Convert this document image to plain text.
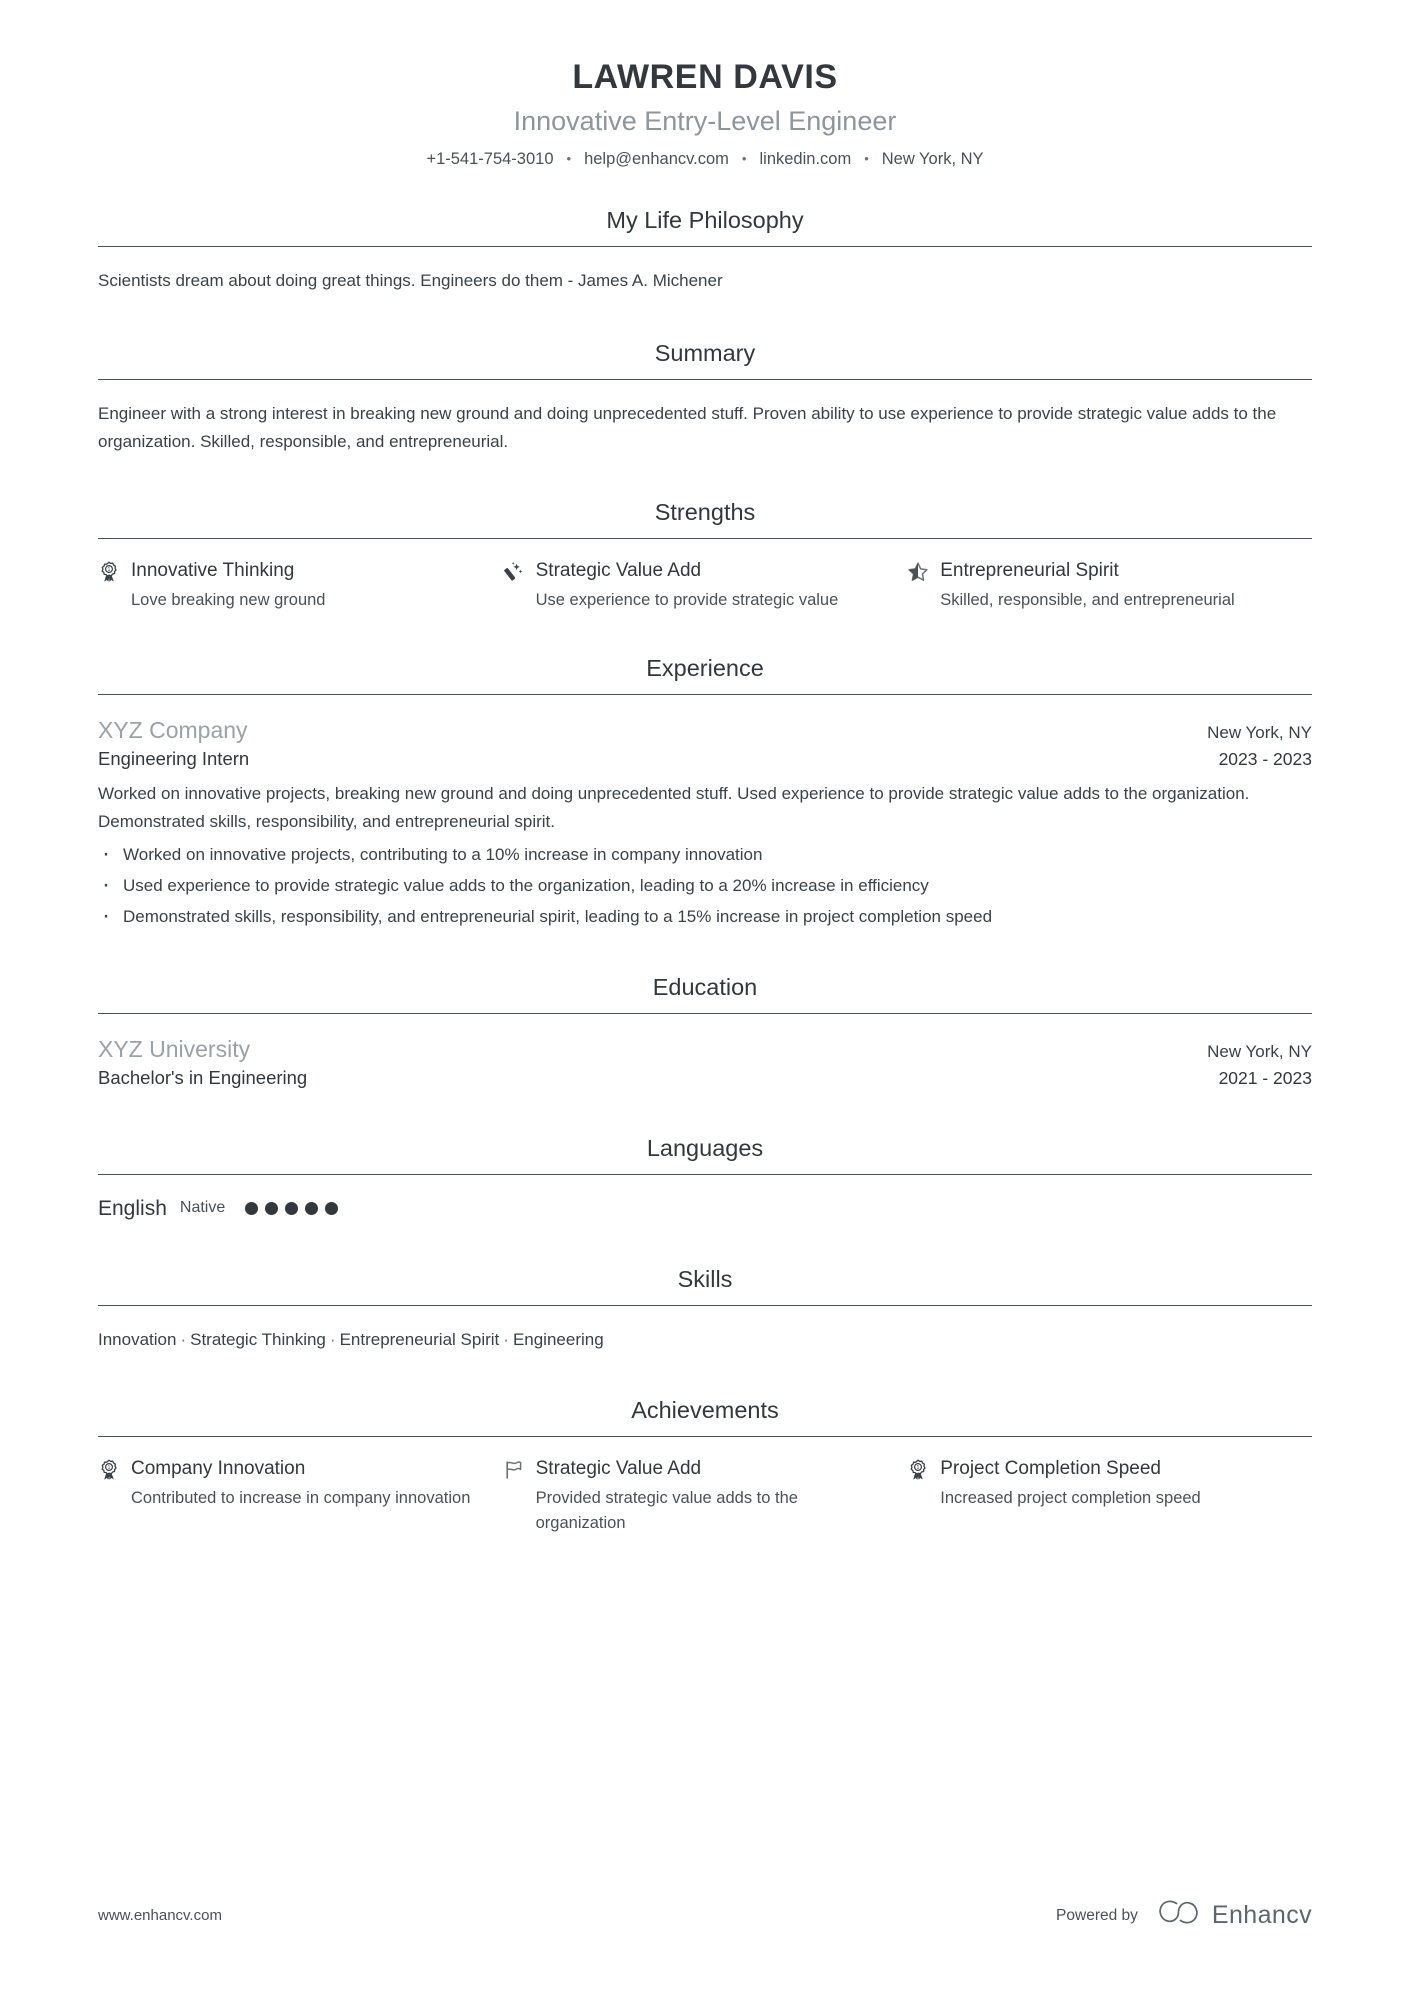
LAWREN DAVIS
Innovative Entry-Level Engineer
+1-541-754-3010 • help@enhancv.com • linkedin.com • New York, NY
My Life Philosophy

Scientists dream about doing great things. Engineers do them - James A. Michener

Summary

Engineer with a strong interest in breaking new ground and doing unprecedented stuff. Proven ability to use experience to provide strategic value adds to the organization. Skilled, responsible, and entrepreneurial.

Strengths
1 Innovative Thinking
Love breaking new ground
Strategic Value Add
Use experience to provide strategic value
Entrepreneurial Spirit
Skilled, responsible, and entrepreneurial
Experience
XYZ Company	New York, NY
Engineering Intern	2023 - 2023

Worked on innovative projects, breaking new ground and doing unprecedented stuff. Used experience to provide strategic value adds to the organization. Demonstrated skills, responsibility, and entrepreneurial spirit.

· Worked on innovative projects, contributing to a 10% increase in company innovation
· Used experience to provide strategic value adds to the organization, leading to a 20% increase in efficiency
· Demonstrated skills, responsibility, and entrepreneurial spirit, leading to a 15% increase in project completion speed
Education
XYZ University	New York, NY
Bachelor's in Engineering	2021 - 2023
Languages
English Native
Skills
Innovation · Strategic Thinking · Entrepreneurial Spirit · Engineering
Achievements
1 Company Innovation
Contributed to increase in company innovation
Strategic Value Add
Provided strategic value adds to the organization
1 Project Completion Speed
Increased project completion speed
www.enhancv.com	Powered by	Enhancv
